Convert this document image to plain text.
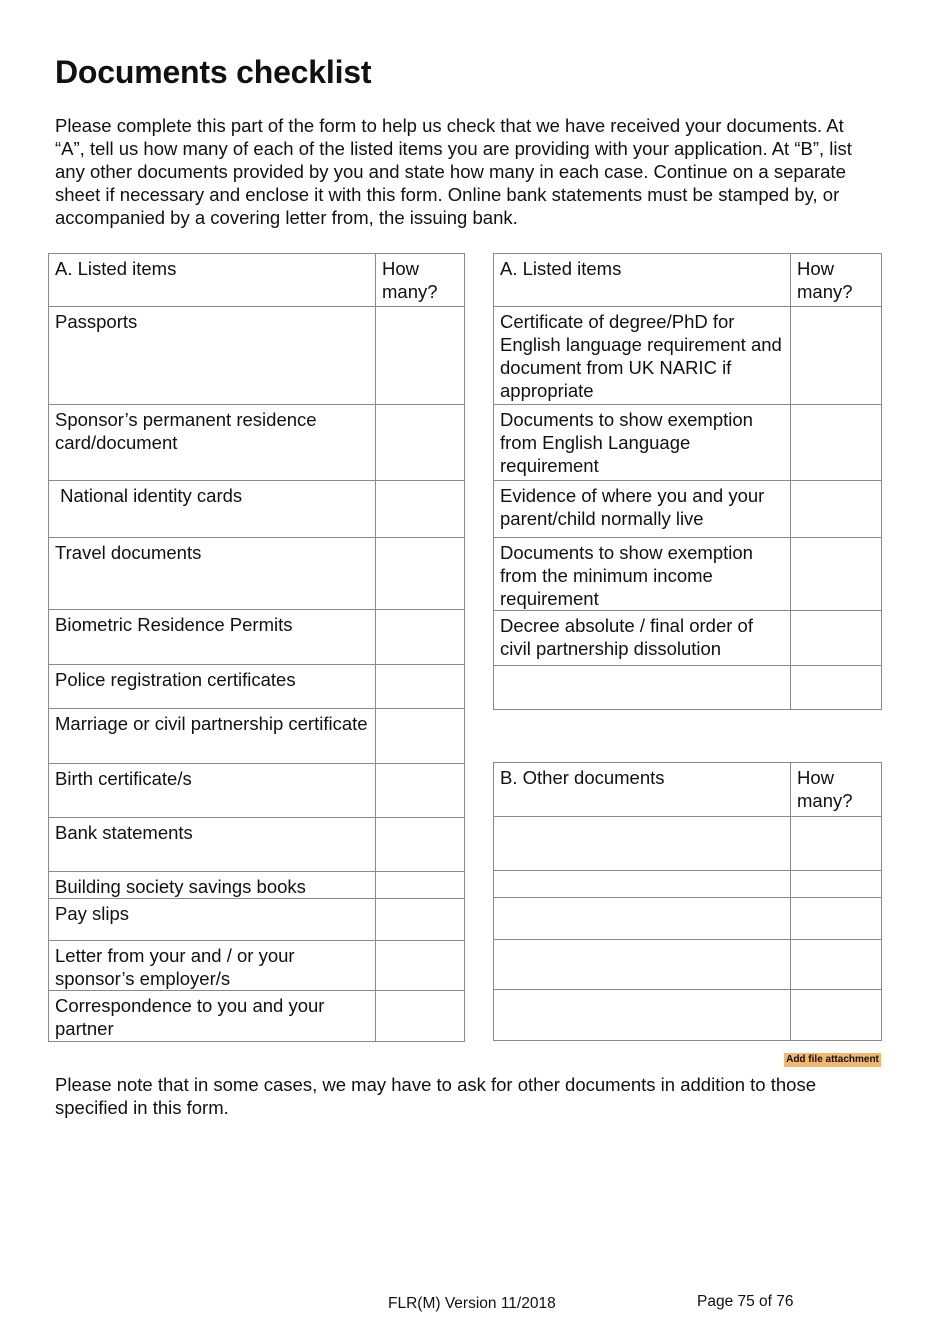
Documents checklist

Please complete this part of the form to help us check that we have received your documents. At “A”, tell us how many of each of the listed items you are providing with your application. At “B”, list any other documents provided by you and state how many in each case. Continue on a separate sheet if necessary and enclose it with this form. Online bank statements must be stamped by, or accompanied by a covering letter from, the issuing bank.

A. Listed items	How many?
Passports	
Sponsor’s permanent residence card/document	
National identity cards	
Travel documents	
Biometric Residence Permits	
Police registration certificates	
Marriage or civil partnership certificate	
Birth certificate/s	
Bank statements	
Building society savings books	
Pay slips	
Letter from your and / or your sponsor’s employer/s	
Correspondence to you and your partner	
A. Listed items	How many?
Certificate of degree/PhD for English language requirement and document from UK NARIC if appropriate	
Documents to show exemption from English Language requirement	
Evidence of where you and your parent/child normally live	
Documents to show exemption from the minimum income requirement	
Decree absolute / final order of civil partnership dissolution	

B. Other documents	How many?

Add file attachment

Please note that in some cases, we may have to ask for other documents in addition to those specified in this form.

FLR(M) Version 11/2018	Page 75 of 76
